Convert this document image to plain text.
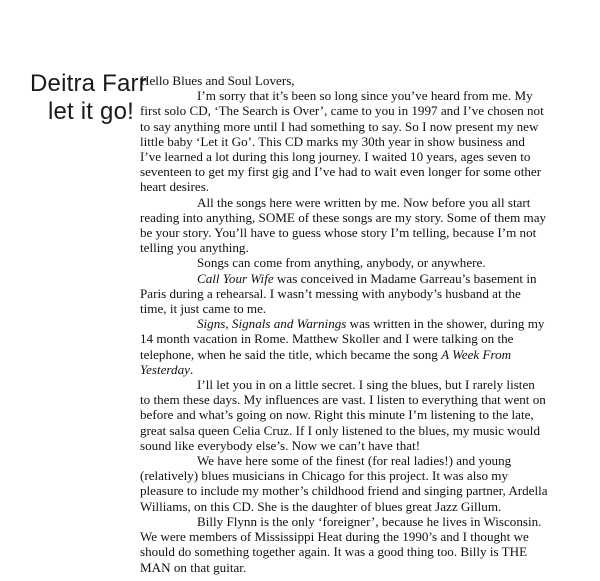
Deitra Farr
let it go!

Hello Blues and Soul Lovers,

I’m sorry that it’s been so long since you’ve heard from me. My first solo CD, ‘The Search is Over’, came to you in 1997 and I’ve chosen not to say anything more until I had something to say. So I now present my new little baby ‘Let it Go’. This CD marks my 30th year in show business and I’ve learned a lot during this long journey. I waited 10 years, ages seven to seventeen to get my first gig and I’ve had to wait even longer for some other heart desires.

All the songs here were written by me. Now before you all start reading into anything, SOME of these songs are my story. Some of them may be your story. You’ll have to guess whose story I’m telling, because I’m not telling you anything.

Songs can come from anything, anybody, or anywhere.

Call Your Wife was conceived in Madame Garreau’s basement in Paris during a rehearsal. I wasn’t messing with anybody’s husband at the time, it just came to me.

Signs, Signals and Warnings was written in the shower, during my 14 month vacation in Rome. Matthew Skoller and I were talking on the telephone, when he said the title, which became the song A Week From Yesterday.

I’ll let you in on a little secret. I sing the blues, but I rarely listen to them these days. My influences are vast. I listen to everything that went on before and what’s going on now. Right this minute I’m listening to the late, great salsa queen Celia Cruz. If I only listened to the blues, my music would sound like everybody else’s. Now we can’t have that!

We have here some of the finest (for real ladies!) and young (relatively) blues musicians in Chicago for this project. It was also my pleasure to include my mother’s childhood friend and singing partner, Ardella Williams, on this CD. She is the daughter of blues great Jazz Gillum.

Billy Flynn is the only ‘foreigner’, because he lives in Wisconsin. We were members of Mississippi Heat during the 1990’s and I thought we should do something together again. It was a good thing too. Billy is THE MAN on that guitar.
